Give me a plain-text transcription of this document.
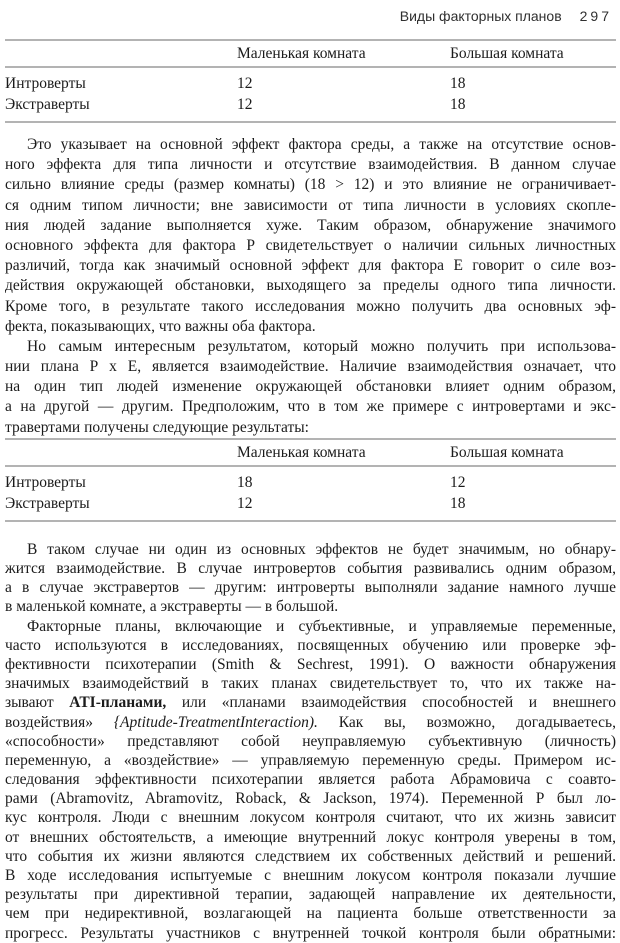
Виды факторных планов 297
	Маленькая комната	Большая комната
Интроверты	12	18
Экстраверты	12	18
Это указывает на основной эффект фактора среды, а также на отсутствие основ-
ного эффекта для типа личности и отсутствие взаимодействия. В данном случае
сильно влияние среды (размер комнаты) (18 > 12) и это влияние не ограничивает-
ся одним типом личности; вне зависимости от типа личности в условиях скопле-
ния людей задание выполняется хуже. Таким образом, обнаружение значимого
основного эффекта для фактора Р свидетельствует о наличии сильных личностных
различий, тогда как значимый основной эффект для фактора Е говорит о силе воз-
действия окружающей обстановки, выходящего за пределы одного типа личности.
Кроме того, в результате такого исследования можно получить два основных эф-
фекта, показывающих, что важны оба фактора.
Но самым интересным результатом, который можно получить при использова-
нии плана Р х Е, является взаимодействие. Наличие взаимодействия означает, что
на один тип людей изменение окружающей обстановки влияет одним образом,
а на другой — другим. Предположим, что в том же примере с интровертами и экс-
травертами получены следующие результаты:
	Маленькая комната	Большая комната
Интроверты	18	12
Экстраверты	12	18
В таком случае ни один из основных эффектов не будет значимым, но обнару-
жится взаимодействие. В случае интровертов события развивались одним образом,
а в случае экстравертов — другим: интроверты выполняли задание намного лучше
в маленькой комнате, а экстраверты — в большой.
Факторные планы, включающие и субъективные, и управляемые переменные,
часто используются в исследованиях, посвященных обучению или проверке эф-
фективности психотерапии (Smith & Sechrest, 1991). О важности обнаружения
значимых взаимодействий в таких планах свидетельствует то, что их также на-
зывают ATI-планами, или «планами взаимодействия способностей и внешнего
воздействия» {Aptitude-TreatmentInteraction). Как вы, возможно, догадываетесь,
«способности» представляют собой неуправляемую субъективную (личность)
переменную, а «воздействие» — управляемую переменную среды. Примером ис-
следования эффективности психотерапии является работа Абрамовича с соавто-
рами (Abramovitz, Abramovitz, Roback, & Jackson, 1974). Переменной Р был ло-
кус контроля. Люди с внешним локусом контроля считают, что их жизнь зависит
от внешних обстоятельств, а имеющие внутренний локус контроля уверены в том,
что события их жизни являются следствием их собственных действий и решений.
В ходе исследования испытуемые с внешним локусом контроля показали лучшие
результаты при директивной терапии, задающей направление их деятельности,
чем при недирективной, возлагающей на пациента больше ответственности за
прогресс. Результаты участников с внутренней точкой контроля были обратными:
